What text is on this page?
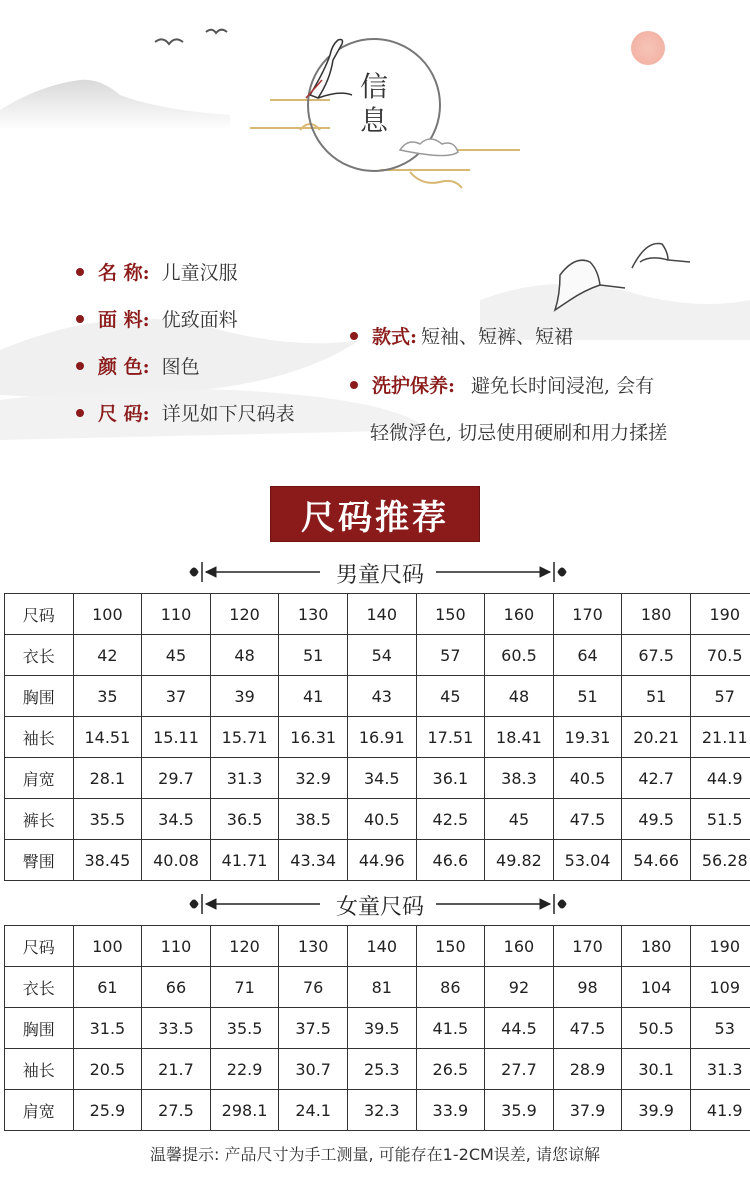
信息
名 称: 儿童汉服
面 料: 优致面料
颜 色: 图色
尺 码: 详见如下尺码表
款式: 短袖、短裤、短裙
洗护保养: 避免长时间浸泡, 会有
轻微浮色, 切忌使用硬刷和用力揉搓
尺码推荐
男童尺码
尺码	100	110	120	130	140	150	160	170	180	190
衣长	42	45	48	51	54	57	60.5	64	67.5	70.5
胸围	35	37	39	41	43	45	48	51	51	57
袖长	14.51	15.11	15.71	16.31	16.91	17.51	18.41	19.31	20.21	21.11
肩宽	28.1	29.7	31.3	32.9	34.5	36.1	38.3	40.5	42.7	44.9
裤长	35.5	34.5	36.5	38.5	40.5	42.5	45	47.5	49.5	51.5
臀围	38.45	40.08	41.71	43.34	44.96	46.6	49.82	53.04	54.66	56.28
女童尺码
尺码	100	110	120	130	140	150	160	170	180	190
衣长	61	66	71	76	81	86	92	98	104	109
胸围	31.5	33.5	35.5	37.5	39.5	41.5	44.5	47.5	50.5	53
袖长	20.5	21.7	22.9	30.7	25.3	26.5	27.7	28.9	30.1	31.3
肩宽	25.9	27.5	298.1	24.1	32.3	33.9	35.9	37.9	39.9	41.9
温馨提示: 产品尺寸为手工测量, 可能存在1-2CM误差, 请您谅解
